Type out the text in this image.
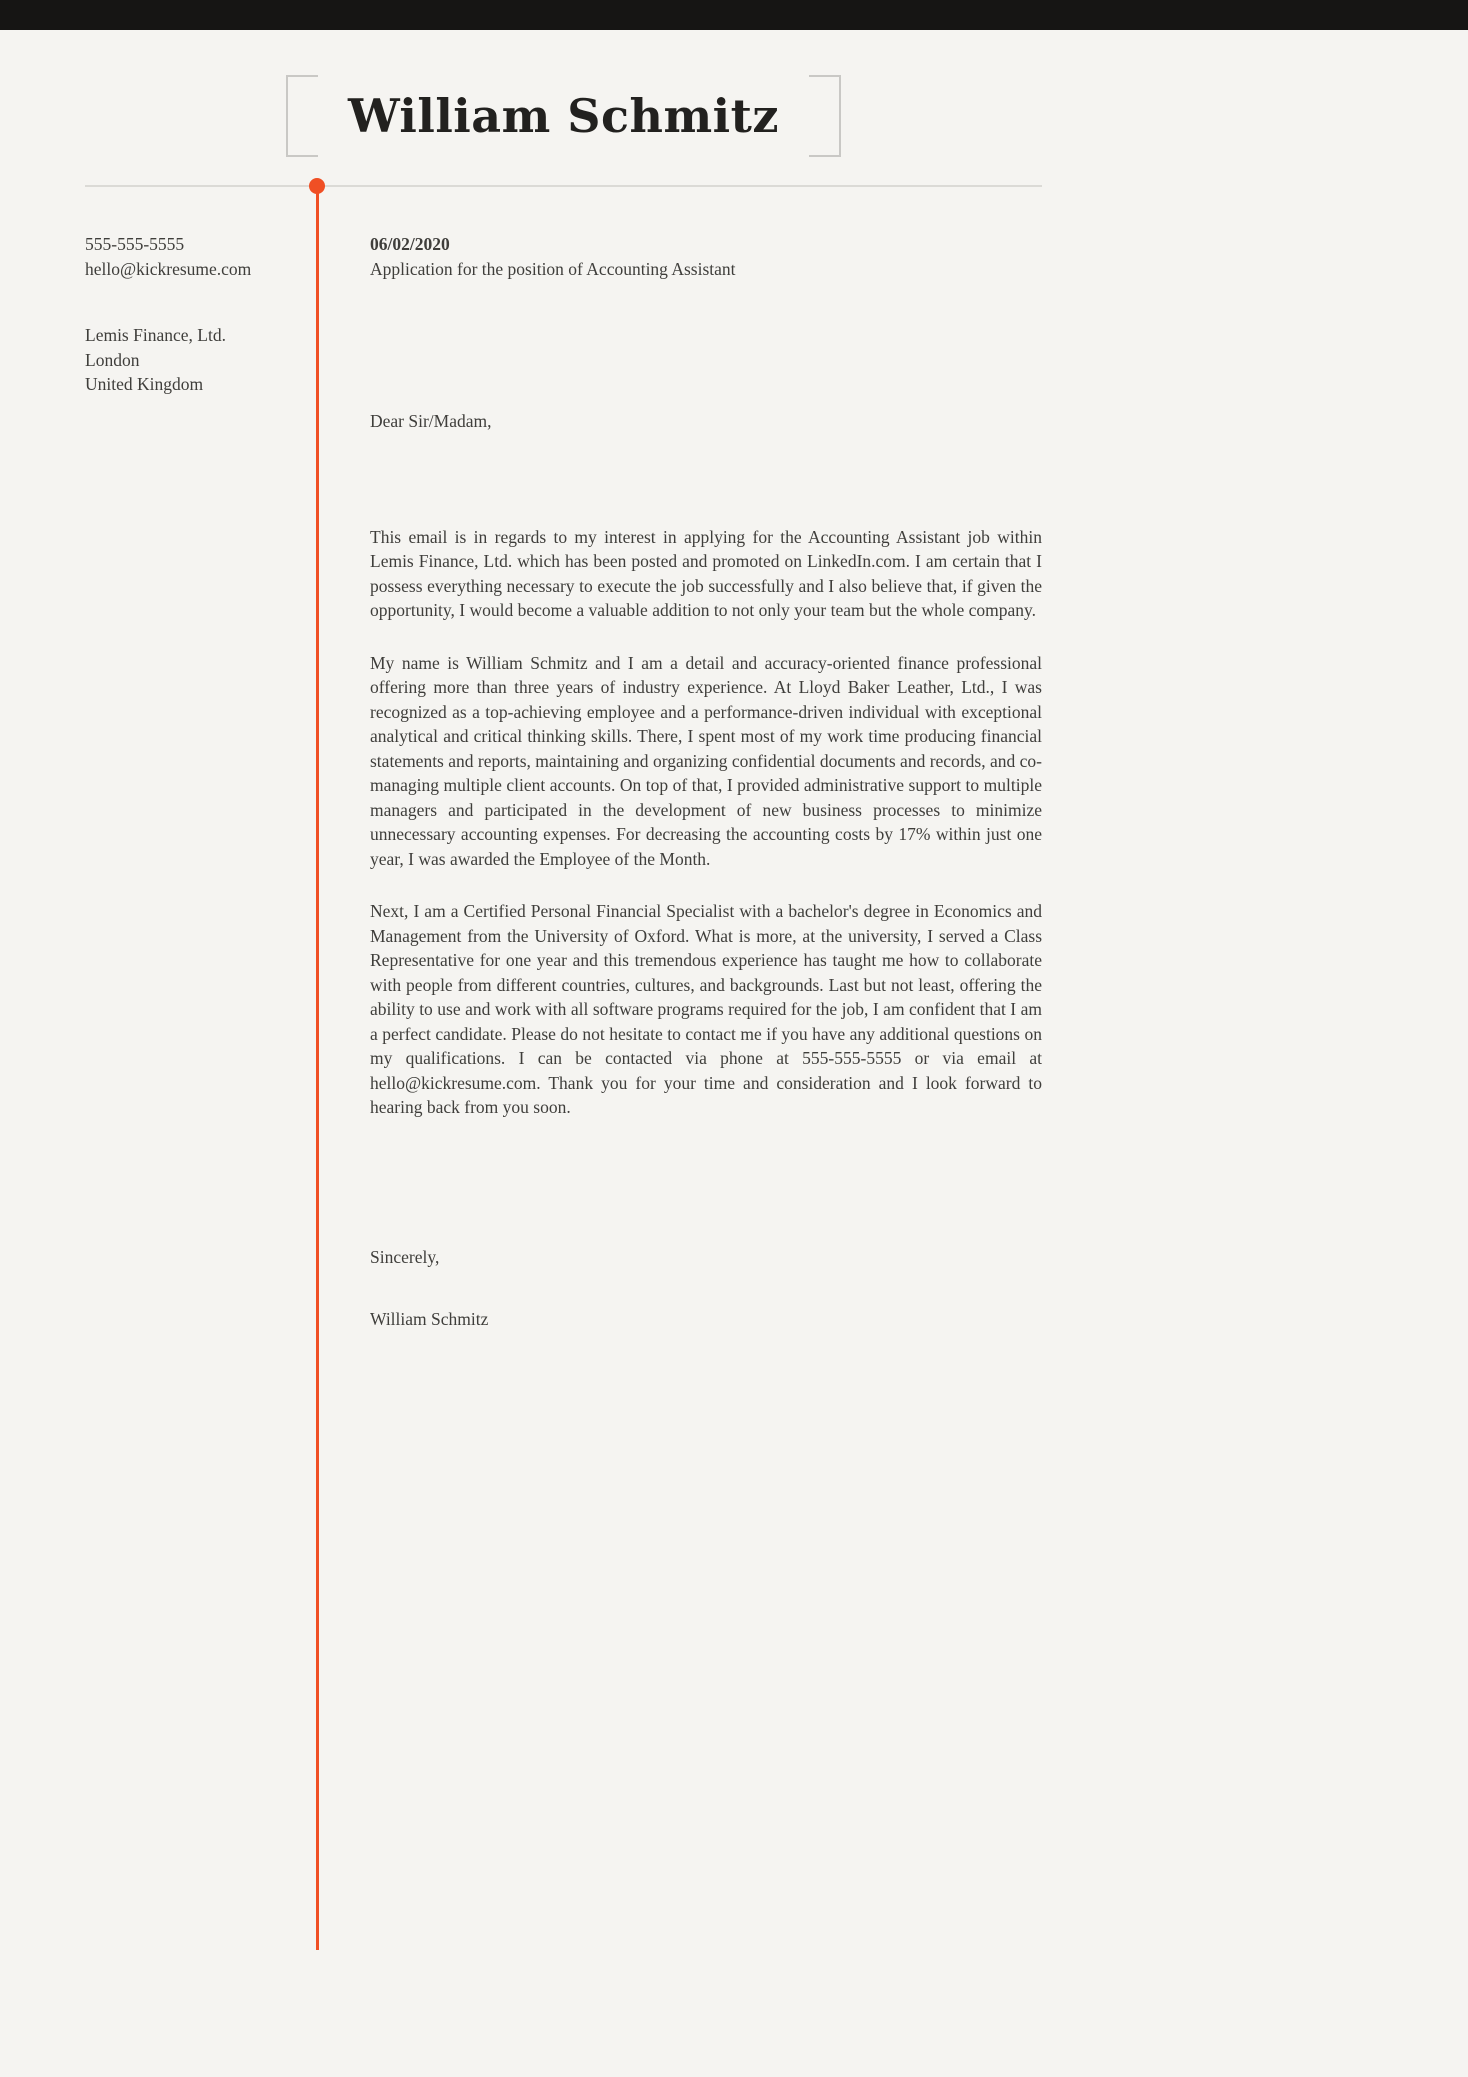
William Schmitz

555-555-5555

hello@kickresume.com

Lemis Finance, Ltd.

London

United Kingdom

06/02/2020

Application for the position of Accounting Assistant

Dear Sir/Madam,

This email is in regards to my interest in applying for the Accounting Assistant job within Lemis Finance, Ltd. which has been posted and promoted on LinkedIn.com. I am certain that I possess everything necessary to execute the job successfully and I also believe that, if given the opportunity, I would become a valuable addition to not only your team but the whole company.

My name is William Schmitz and I am a detail and accuracy-oriented finance professional offering more than three years of industry experience. At Lloyd Baker Leather, Ltd., I was recognized as a top-achieving employee and a performance-driven individual with exceptional analytical and critical thinking skills. There, I spent most of my work time producing financial statements and reports, maintaining and organizing confidential documents and records, and co-managing multiple client accounts. On top of that, I provided administrative support to multiple managers and participated in the development of new business processes to minimize unnecessary accounting expenses. For decreasing the accounting costs by 17% within just one year, I was awarded the Employee of the Month.

Next, I am a Certified Personal Financial Specialist with a bachelor's degree in Economics and Management from the University of Oxford. What is more, at the university, I served a Class Representative for one year and this tremendous experience has taught me how to collaborate with people from different countries, cultures, and backgrounds. Last but not least, offering the ability to use and work with all software programs required for the job, I am confident that I am a perfect candidate. Please do not hesitate to contact me if you have any additional questions on my qualifications. I can be contacted via phone at 555-555-5555 or via email at hello@kickresume.com. Thank you for your time and consideration and I look forward to hearing back from you soon.

Sincerely,

William Schmitz
